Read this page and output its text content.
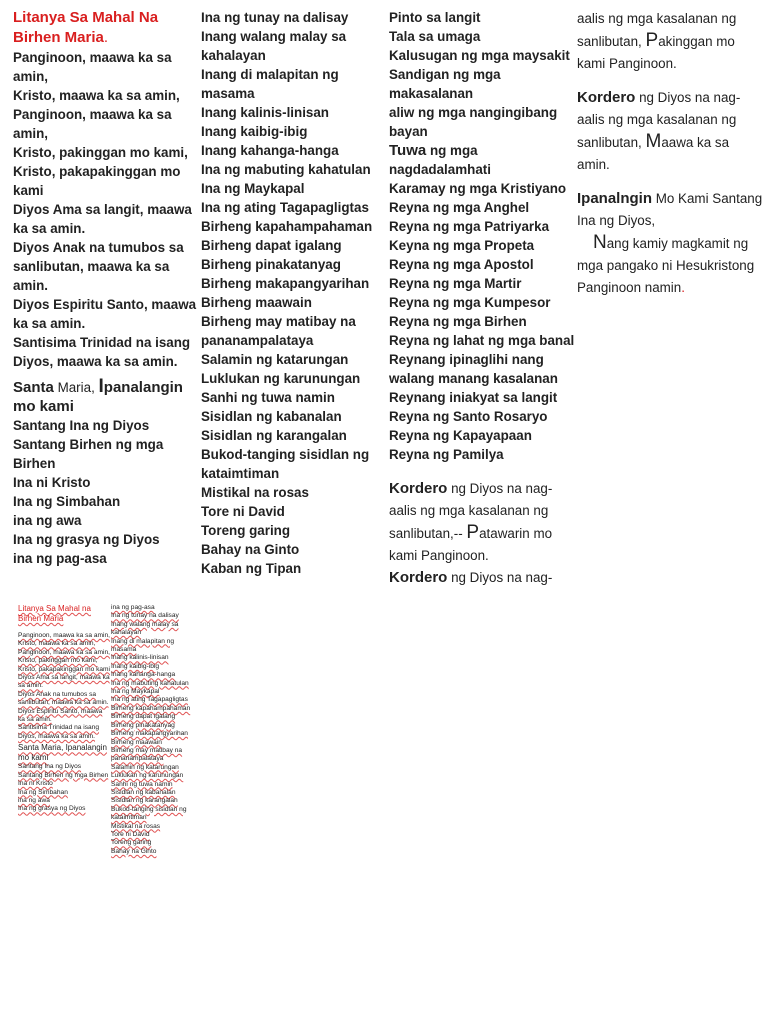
Litanya Sa Mahal Na Birhen Maria.

Panginoon, maawa ka sa amin,

Kristo, maawa ka sa amin,

Panginoon, maawa ka sa amin,

Kristo, pakinggan mo kami,

Kristo, pakapakinggan mo kami

Diyos Ama sa langit, maawa ka sa amin.

Diyos Anak na tumubos sa sanlibutan, maawa ka sa amin.

Diyos Espiritu Santo, maawa ka sa amin.

Santisima Trinidad na isang Diyos, maawa ka sa amin.

Santa Maria, Ipanalangin mo kami

Santang Ina ng Diyos

Santang Birhen ng mga Birhen

Ina ni Kristo

Ina ng Simbahan

ina ng awa

Ina ng grasya ng Diyos

ina ng pag-asa

Ina ng tunay na dalisay

Inang walang malay sa kahalayan

Inang di malapitan ng masama

Inang kalinis-linisan

Inang kaibig-ibig

Inang kahanga-hanga

Ina ng mabuting kahatulan

Ina ng Maykapal

Ina ng ating Tagapagligtas

Birheng kapahampahaman

Birheng dapat igalang

Birheng pinakatanyag

Birheng makapangyarihan

Birheng maawain

Birheng may matibay na pananampalataya

Salamin ng katarungan

Luklukan ng karunungan

Sanhi ng tuwa namin

Sisidlan ng kabanalan

Sisidlan ng karangalan

Bukod-tanging sisidlan ng kataimtiman

Mistikal na rosas

Tore ni David

Toreng garing

Bahay na Ginto

Kaban ng Tipan

Pinto sa langit

Tala sa umaga

Kalusugan ng mga maysakit

Sandigan ng mga makasalanan

aliw ng mga nangingibang bayan

Tuwa ng mga nagdadalamhati

Karamay ng mga Kristiyano

Reyna ng mga Anghel

Reyna ng mga Patriyarka

Keyna ng mga Propeta

Reyna ng mga Apostol

Reyna ng mga Martir

Reyna ng mga Kumpesor

Reyna ng mga Birhen

Reyna ng lahat ng mga banal

Reynang ipinaglihi nang walang manang kasalanan

Reynang iniakyat sa langit

Reyna ng Santo Rosaryo

Reyna ng Kapayapaan

Reyna ng Pamilya

Kordero ng Diyos na nag-aalis ng mga kasalanan ng sanlibutan,-- Patawarin mo kami Panginoon.

Kordero ng Diyos na nag-

aalis ng mga kasalanan ng sanlibutan, Pakinggan mo kami Panginoon.

Kordero ng Diyos na nag-aalis ng mga kasalanan ng sanlibutan, Maawa ka sa amin.

Ipanalngin Mo Kami Santang Ina ng Diyos,

Nang kamiy magkamit ng mga pangako ni Hesukristong Panginoon namin.

Litanya Sa Mahal na Birhen Maria

Panginoon, maawa ka sa amin,

Kristo, maawa ka sa amin,

Panginoon, maawa ka sa amin,

Kristo, pakinggan mo kami,

Kristo, pakapakinggan mo kami

Diyos Ama sa langit, maawa ka sa amin.

Diyos Anak na tumubos sa sanlibutan, maawa ka sa amin.

Diyos Espiritu Santo, maawa ka sa amin.

Santisima Trinidad na isang Diyos, maawa ka sa amin.

Santa Maria, Ipanalangin mo kami

Santang Ina ng Diyos

Santang Birhen ng mga Birhen

Ina ni Kristo

Ina ng Simbahan

ina ng awa

Ina ng grasya ng Diyos

ina ng pag-asa

Ina ng tunay na dalisay

Inang walang malay sa kahalayan

Inang di malapitan ng masama

Inang kalinis-linisan

Inang kaibig-ibig

Inang kahanga-hanga

Ina ng mabuting kahatulan

Ina ng Maykapal

Ina ng ating Tagapagligtas

Birheng kapahampahaman

Birheng dapat igalang

Birheng pinakatanyag

Birheng makapangyarihan

Birheng maawain

Birheng may matibay na pananampalataya

Salamin ng katarungan

Luklukan ng karunungan

Sanhi ng tuwa namin

Sisidlan ng kabanalan

Sisidlan ng karangalan

Bukod-tanging sisidlan ng kataimtiman

Mistikal na rosas

Tore ni David

Toreng garing

Bahay na Ginto
